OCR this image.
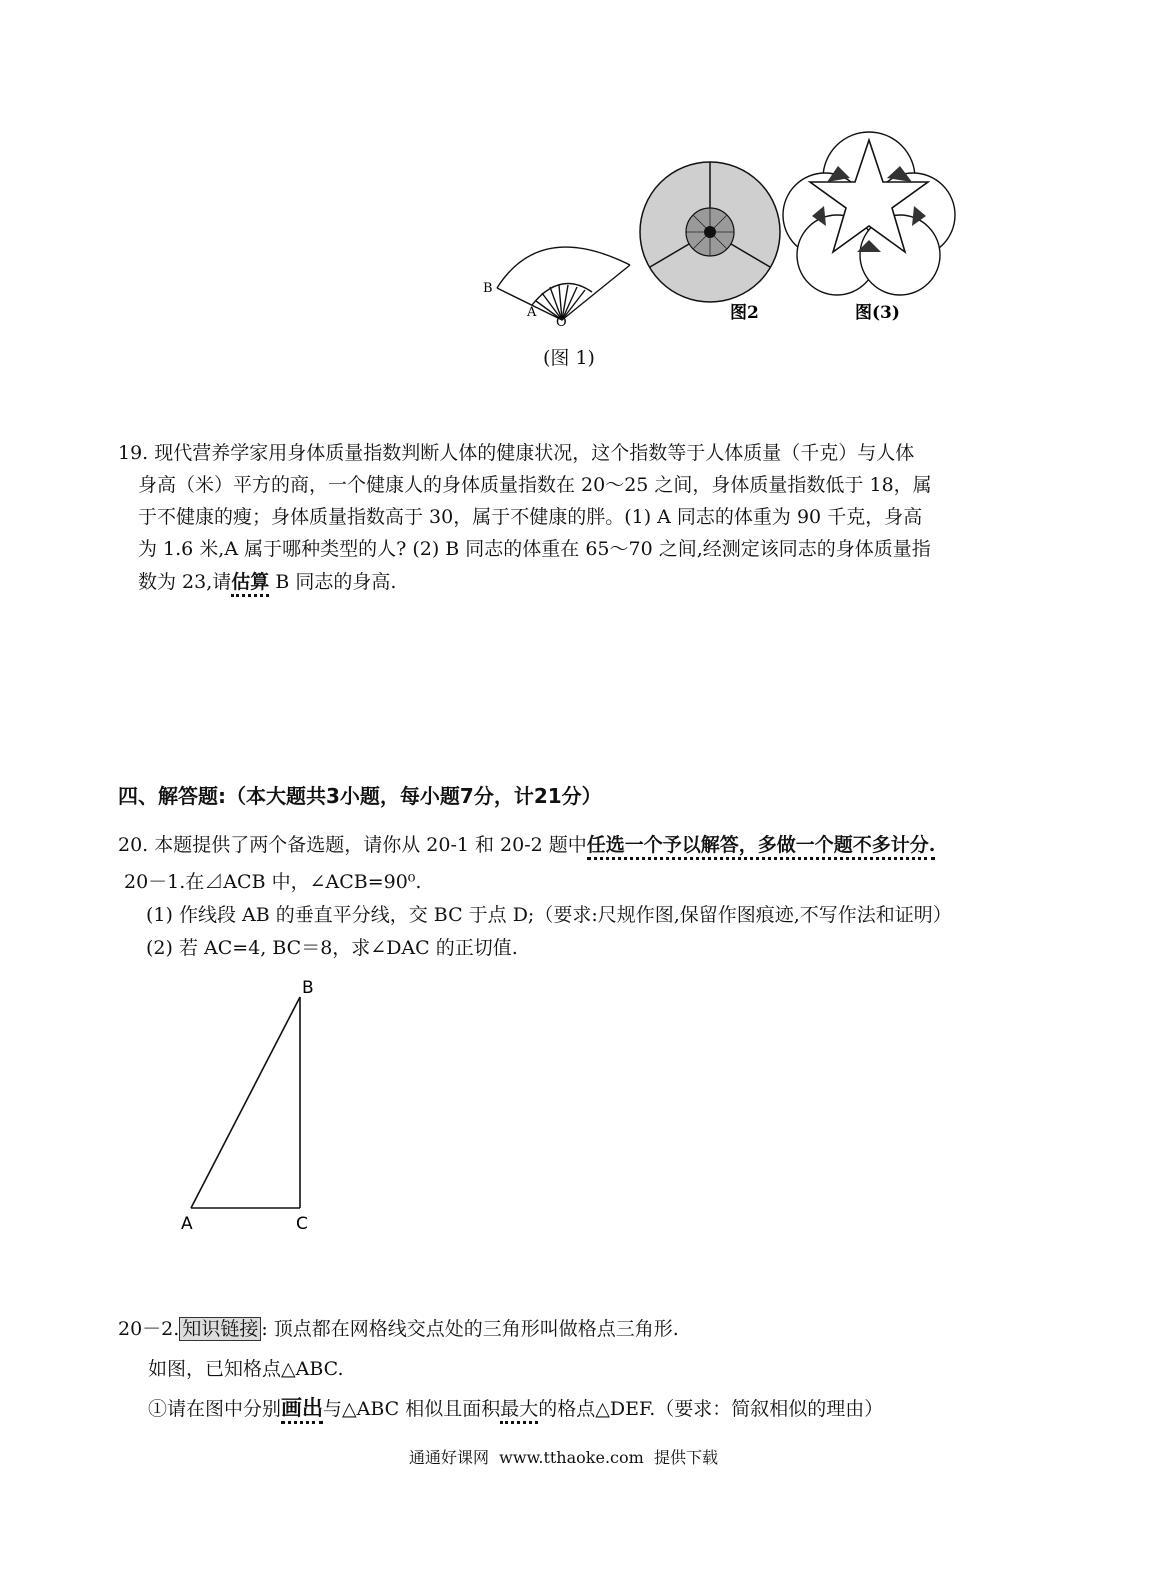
B
A
O
(图 1)
图2	图(3)
19. 现代营养学家用身体质量指数判断人体的健康状况，这个指数等于人体质量（千克）与人体
身高（米）平方的商，一个健康人的身体质量指数在 20～25 之间，身体质量指数低于 18，属
于不健康的瘦；身体质量指数高于 30，属于不健康的胖。(1) A 同志的体重为 90 千克，身高
为 1.6 米,A 属于哪种类型的人? (2) B 同志的体重在 65～70 之间,经测定该同志的身体质量指
数为 23,请估算 B 同志的身高.
四、解答题:（本大题共3小题，每小题7分，计21分）
20. 本题提供了两个备选题，请你从 20-1 和 20-2 题中任选一个予以解答，多做一个题不多计分.
20－1.在⊿ACB 中，∠ACB=90⁰.
(1) 作线段 AB 的垂直平分线，交 BC 于点 D;（要求:尺规作图,保留作图痕迹,不写作法和证明）
(2) 若 AC=4, BC＝8，求∠DAC 的正切值.
B
A	C
20－2. 知识链接 : 顶点都在网格线交点处的三角形叫做格点三角形.
如图，已知格点△ABC.
①请在图中分别画出与△ABC 相似且面积最大的格点△DEF.（要求：简叙相似的理由）
通通好课网  www.tthaoke.com  提供下载
